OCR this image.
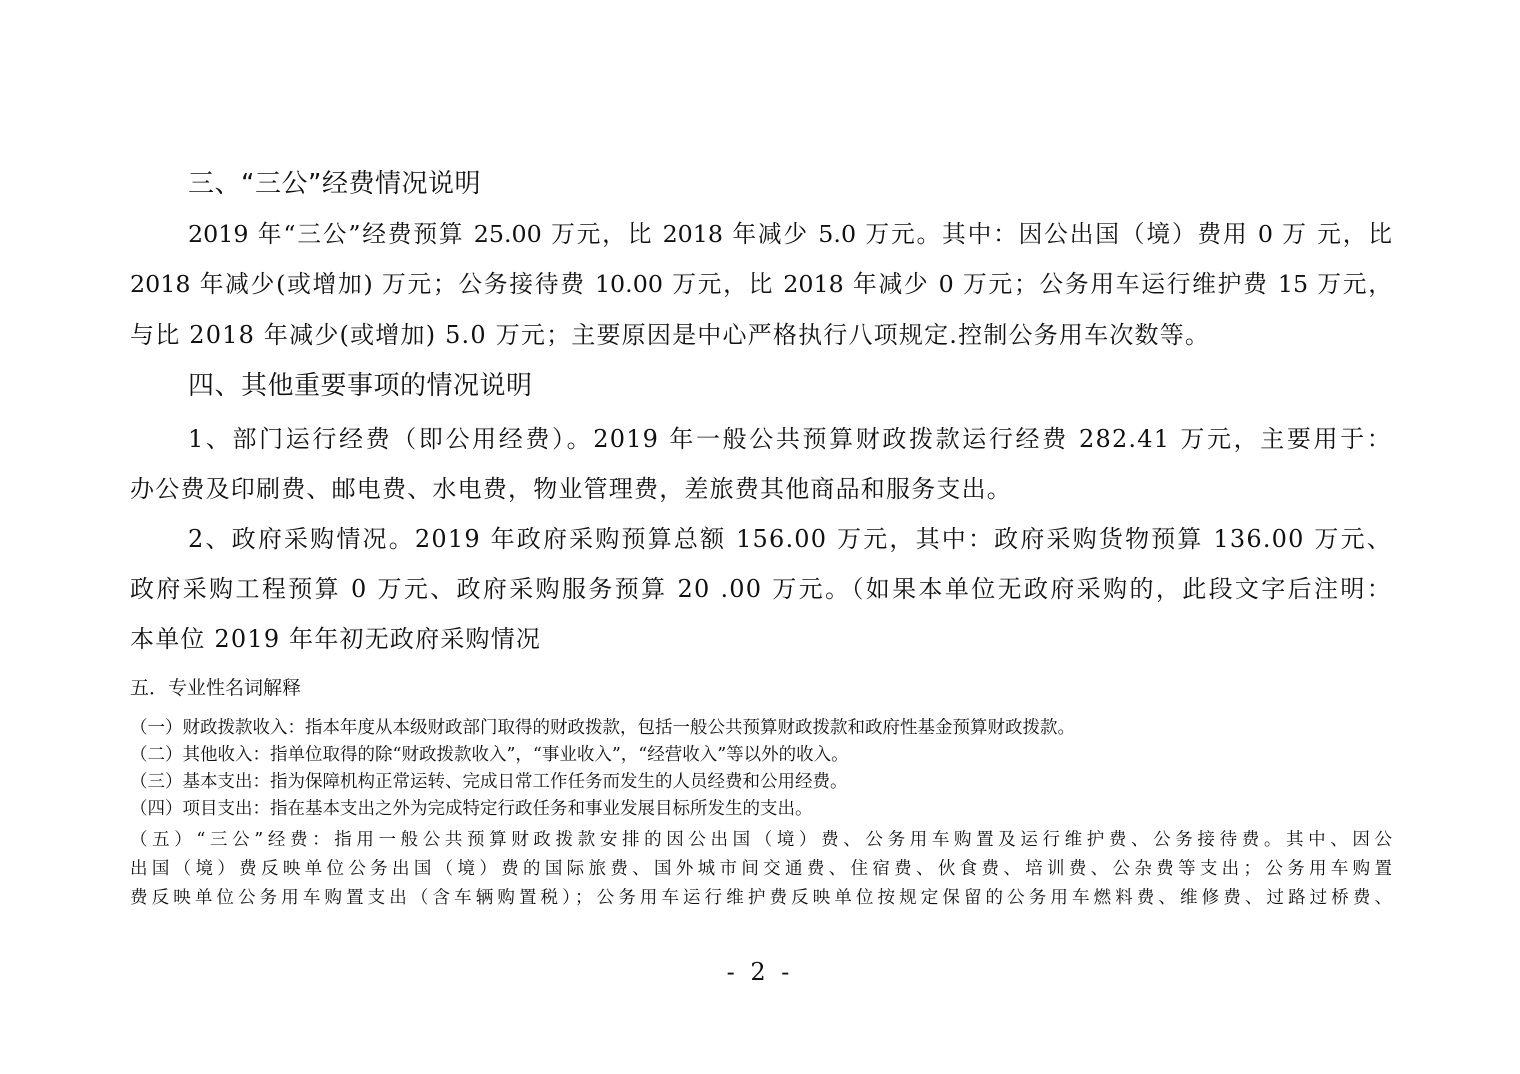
三、“三公”经费情况说明
2019 年“三公”经费预算 25.00 万元，比 2018 年减少 5.0 万元。其中：因公出国（境）费用 0 万 元，比
2018 年减少(或增加) 万元；公务接待费 10.00 万元，比 2018 年减少 0 万元；公务用车运行维护费 15 万元，
与比 2018 年减少(或增加) 5.0 万元；主要原因是中心严格执行八项规定.控制公务用车次数等。
四、其他重要事项的情况说明
1、部门运行经费（即公用经费）。2019 年一般公共预算财政拨款运行经费 282.41 万元，主要用于：
办公费及印刷费、邮电费、水电费，物业管理费，差旅费其他商品和服务支出。
2、政府采购情况。2019 年政府采购预算总额 156.00 万元，其中：政府采购货物预算 136.00 万元、
政府采购工程预算 0 万元、政府采购服务预算 20 .00 万元。（如果本单位无政府采购的，此段文字后注明：
本单位 2019 年年初无政府采购情况
五．专业性名词解释
（一）财政拨款收入：指本年度从本级财政部门取得的财政拨款，包括一般公共预算财政拨款和政府性基金预算财政拨款。
（二）其他收入：指单位取得的除“财政拨款收入”，“事业收入”，“经营收入”等以外的收入。
（三）基本支出：指为保障机构正常运转、完成日常工作任务而发生的人员经费和公用经费。
（四）项目支出：指在基本支出之外为完成特定行政任务和事业发展目标所发生的支出。
（五）“三公”经费：指用一般公共预算财政拨款安排的因公出国（境）费、公务用车购置及运行维护费、公务接待费。其中、因公
出国（境）费反映单位公务出国（境）费的国际旅费、国外城市间交通费、住宿费、伙食费、培训费、公杂费等支出；公务用车购置
费反映单位公务用车购置支出（含车辆购置税）；公务用车运行维护费反映单位按规定保留的公务用车燃料费、维修费、过路过桥费、
- 2 -
